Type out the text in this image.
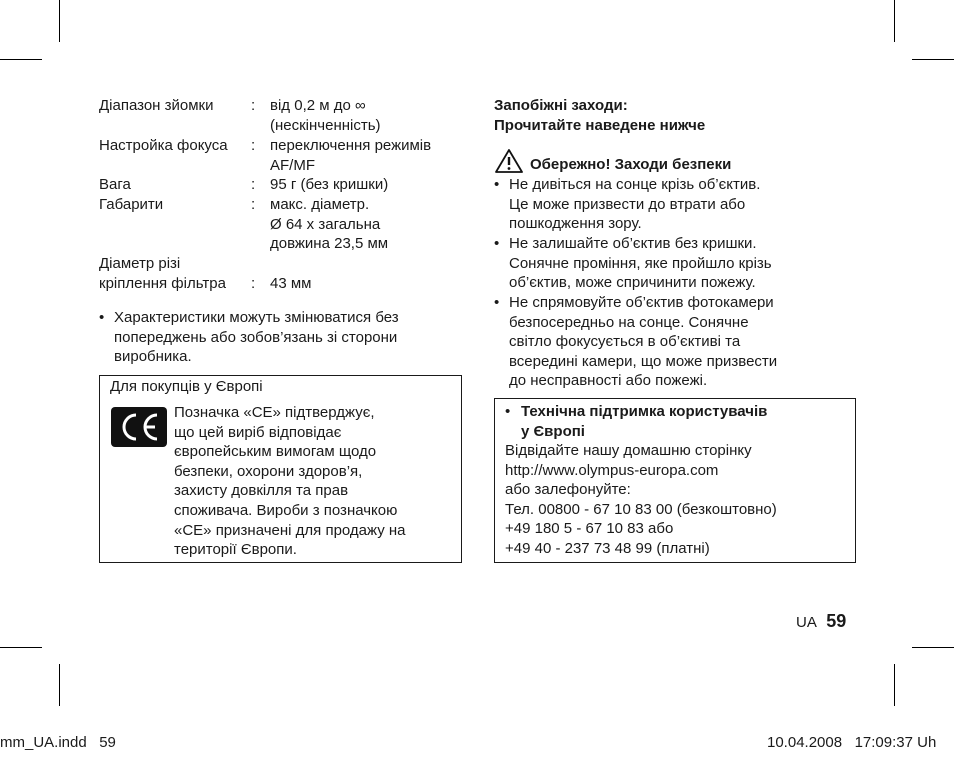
Діапазон зйомки	: від 0,2 м до ∞
(нескінченність)
Настройка фокуса	: переключення режимів
AF/MF
Вага	: 95 г (без кришки)
Габарити	: макс. діаметр.
Ø 64 х загальна
довжина 23,5 мм
Діаметр різі
кріплення фільтра	: 43 мм
• Характеристики можуть змінюватися без
попереджень або зобов’язань зі сторони
виробника.
Для покупців у Європі
Позначка «CE» підтверджує,
що цей виріб відповідає
європейським вимогам щодо
безпеки, охорони здоров’я,
захисту довкілля та прав
споживача. Вироби з позначкою
«CE» призначені для продажу на
території Європи.
Запобіжні заходи:
Прочитайте наведене нижче
Обережно! Заходи безпеки
• Не дивіться на сонце крізь об’єктив.
Це може призвести до втрати або
пошкодження зору.
• Не залишайте об’єктив без кришки.
Сонячне проміння, яке пройшло крізь
об’єктив, може спричинити пожежу.
• Не спрямовуйте об’єктив фотокамери
безпосередньо на сонце. Сонячне
світло фокусується в об’єктиві та
всередині камери, що може призвести
до несправності або пожежі.
• Технічна підтримка користувачів
у Європі
Відвідайте нашу домашню сторінку
http://www.olympus-europa.com
або залефонуйте:
Тел. 00800 - 67 10 83 00 (безкоштовно)
+49 180 5 - 67 10 83 або
+49 40 - 237 73 48 99 (платні)
UA 59
mm_UA.indd   59	10.04.2008   17:09:37 Uh
